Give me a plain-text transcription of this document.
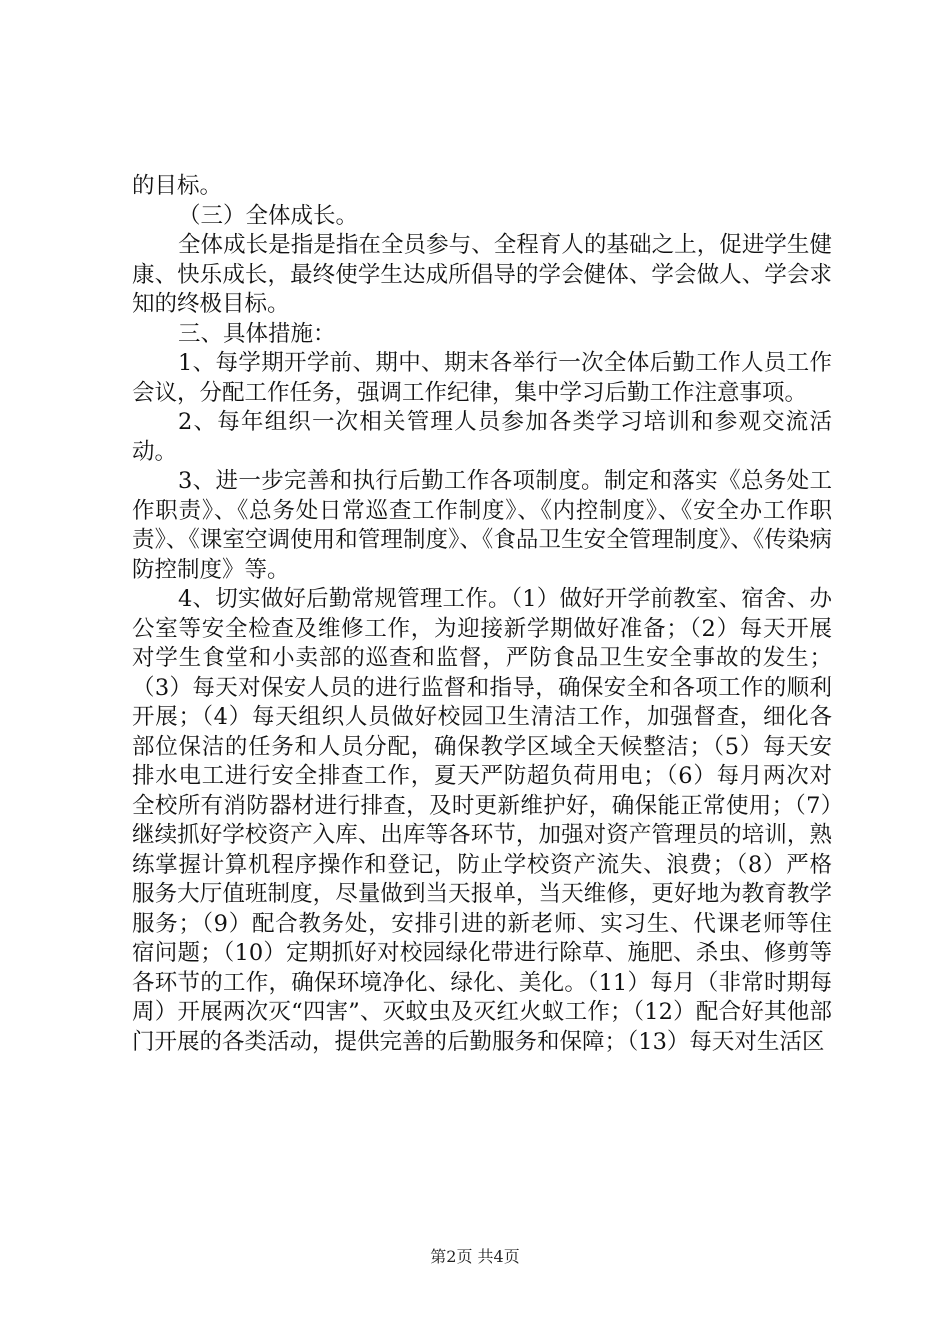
的目标。

（三）全体成长。

全体成长是指是指在全员参与、全程育人的基础之上，促进学生健康、快乐成长，最终使学生达成所倡导的学会健体、学会做人、学会求知的终极目标。

三、具体措施：

1、每学期开学前、期中、期末各举行一次全体后勤工作人员工作会议，分配工作任务，强调工作纪律，集中学习后勤工作注意事项。

2、每年组织一次相关管理人员参加各类学习培训和参观交流活动。

3、进一步完善和执行后勤工作各项制度。制定和落实《总务处工作职责》、《总务处日常巡查工作制度》、《内控制度》、《安全办工作职责》、《课室空调使用和管理制度》、《食品卫生安全管理制度》、《传染病防控制度》等。

4、切实做好后勤常规管理工作。（1）做好开学前教室、宿舍、办公室等安全检查及维修工作，为迎接新学期做好准备；（2）每天开展对学生食堂和小卖部的巡查和监督，严防食品卫生安全事故的发生；（3）每天对保安人员的进行监督和指导，确保安全和各项工作的顺利开展；（4）每天组织人员做好校园卫生清洁工作，加强督查，细化各部位保洁的任务和人员分配，确保教学区域全天候整洁；（5）每天安排水电工进行安全排查工作，夏天严防超负荷用电；（6）每月两次对全校所有消防器材进行排查，及时更新维护好，确保能正常使用；（7）继续抓好学校资产入库、出库等各环节，加强对资产管理员的培训，熟练掌握计算机程序操作和登记，防止学校资产流失、浪费；（8）严格服务大厅值班制度，尽量做到当天报单，当天维修，更好地为教育教学服务；（9）配合教务处，安排引进的新老师、实习生、代课老师等住宿问题；（10）定期抓好对校园绿化带进行除草、施肥、杀虫、修剪等各环节的工作，确保环境净化、绿化、美化。（11）每月（非常时期每周）开展两次灭“四害”、灭蚊虫及灭红火蚁工作；（12）配合好其他部门开展的各类活动，提供完善的后勤服务和保障；（13）每天对生活区

第2页 共4页
